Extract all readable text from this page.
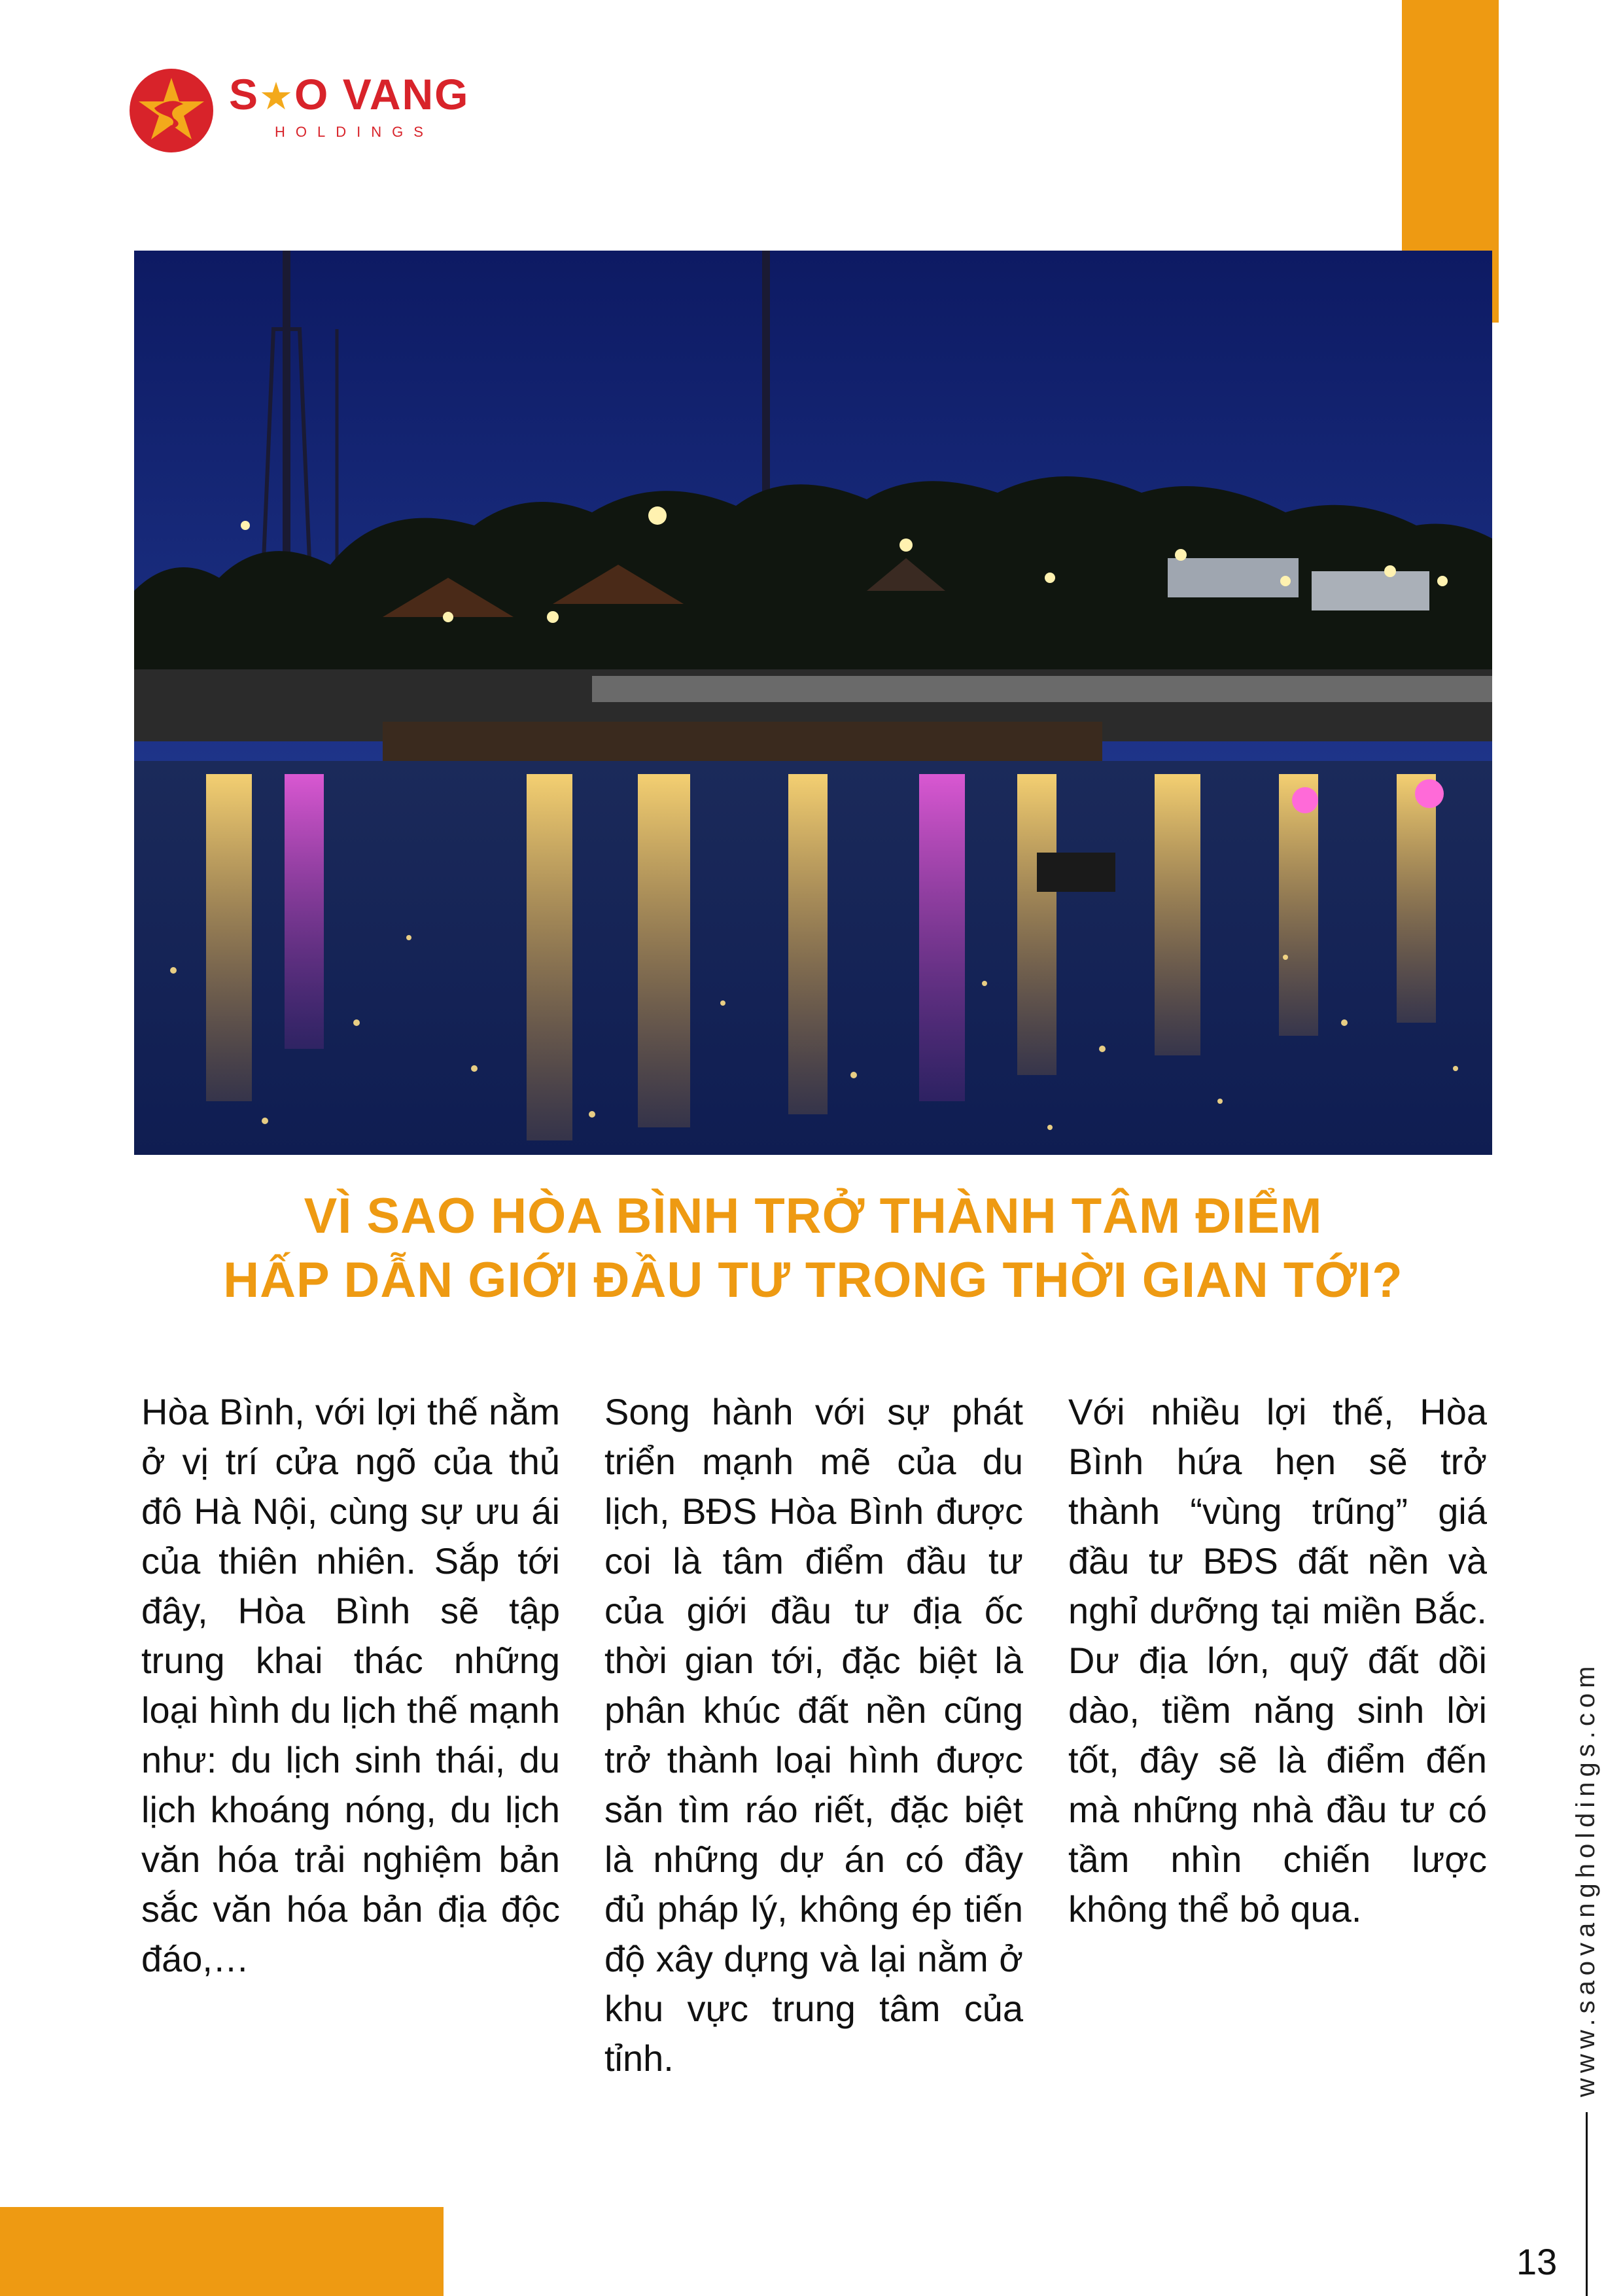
S★O VANG
HOLDINGS
VÌ SAO HÒA BÌNH TRỞ THÀNH TÂM ĐIỂM
HẤP DẪN GIỚI ĐẦU TƯ TRONG THỜI GIAN TỚI?
Hòa Bình, với lợi thế nằm ở vị trí cửa ngõ của thủ đô Hà Nội, cùng sự ưu ái của thiên nhiên. Sắp tới đây, Hòa Bình sẽ tập trung khai thác những loại hình du lịch thế mạnh như: du lịch sinh thái, du lịch khoáng nóng, du lịch văn hóa trải nghiệm bản sắc văn hóa bản địa độc đáo,…
Song hành với sự phát triển mạnh mẽ của du lịch, BĐS Hòa Bình được coi là tâm điểm đầu tư của giới đầu tư địa ốc thời gian tới, đặc biệt là phân khúc đất nền cũng trở thành loại hình được săn tìm ráo riết, đặc biệt là những dự án có đầy đủ pháp lý, không ép tiến độ xây dựng và lại nằm ở khu vực trung tâm của tỉnh.
Với nhiều lợi thế, Hòa Bình hứa hẹn sẽ trở thành “vùng trũng” giá đầu tư BĐS đất nền và nghỉ dưỡng tại miền Bắc. Dư địa lớn, quỹ đất dồi dào, tiềm năng sinh lời tốt, đây sẽ là điểm đến mà những nhà đầu tư có tầm nhìn chiến lược không thể bỏ qua.	www.saovangholdings.com
13
